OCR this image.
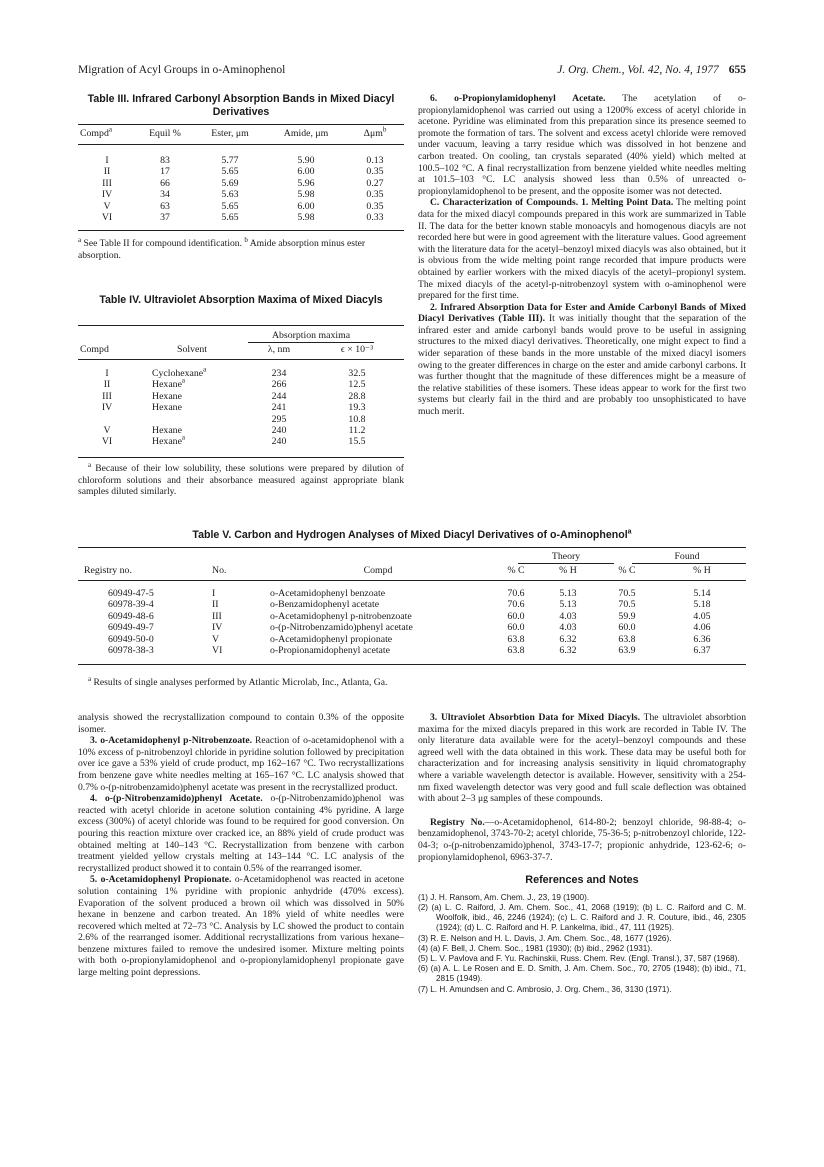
Migration of Acyl Groups in o-Aminophenol	J. Org. Chem., Vol. 42, No. 4, 1977 655
Table III. Infrared Carbonyl Absorption Bands in Mixed Diacyl Derivatives
Compd$^a$	Equil %	Ester, μm	Amide, μm	Δμm$^b$
I	83	5.77	5.90	0.13
II	17	5.65	6.00	0.35
III	66	5.69	5.96	0.27
IV	34	5.63	5.98	0.35
V	63	5.65	6.00	0.35
VI	37	5.65	5.98	0.33
$^a$ See Table II for compound identification. $^b$ Amide absorption minus ester absorption.
Table IV. Ultraviolet Absorption Maxima of Mixed Diacyls
Absorption maxima
Compd	Solvent	λ, nm	ϵ × 10⁻³
I	Cyclohexane$^a$	234	32.5
II	Hexane$^a$	266	12.5
III	Hexane	244	28.8
IV	Hexane	241	19.3
		295	10.8
V	Hexane	240	11.2
VI	Hexane$^a$	240	15.5
$^a$ Because of their low solubility, these solutions were prepared by dilution of chloroform solutions and their absorbance measured against appropriate blank samples diluted similarly.

6. o-Propionylamidophenyl Acetate. The acetylation of o-propionylamidophenol was carried out using a 1200% excess of acetyl chloride in acetone. Pyridine was eliminated from this preparation since its presence seemed to promote the formation of tars. The solvent and excess acetyl chloride were removed under vacuum, leaving a tarry residue which was dissolved in hot benzene and carbon treated. On cooling, tan crystals separated (40% yield) which melted at 100.5–102 °C. A final recrystallization from benzene yielded white needles melting at 101.5–103 °C. LC analysis showed less than 0.5% of unreacted o-propionylamidophenol to be present, and the opposite isomer was not detected.

C. Characterization of Compounds. 1. Melting Point Data. The melting point data for the mixed diacyl compounds prepared in this work are summarized in Table II. The data for the better known stable monoacyls and homogenous diacyls are not recorded here but were in good agreement with the literature values. Good agreement with the literature data for the acetyl–benzoyl mixed diacyls was also obtained, but it is obvious from the wide melting point range recorded that impure products were obtained by earlier workers with the mixed diacyls of the acetyl–propionyl system. The mixed diacyls of the acetyl-p-nitrobenzoyl system with o-aminophenol were prepared for the first time.

2. Infrared Absorption Data for Ester and Amide Carbonyl Bands of Mixed Diacyl Derivatives (Table III). It was initially thought that the separation of the infrared ester and amide carbonyl bands would prove to be useful in assigning structures to the mixed diacyl derivatives. Theoretically, one might expect to find a wider separation of these bands in the more unstable of the mixed diacyl isomers owing to the greater differences in charge on the ester and amide carbonyl carbons. It was further thought that the magnitude of these differences might be a measure of the relative stabilities of these isomers. These ideas appear to work for the first two systems but clearly fail in the third and are probably too unsophisticated to have much merit.

Table V. Carbon and Hydrogen Analyses of Mixed Diacyl Derivatives of o-Aminophenol$^a$
Theory	Found
Registry no.	No.	Compd	% C	% H	% C	% H
60949-47-5	I	o-Acetamidophenyl benzoate	70.6	5.13	70.5	5.14
60978-39-4	II	o-Benzamidophenyl acetate	70.6	5.13	70.5	5.18
60949-48-6	III	o-Acetamidophenyl p-nitrobenzoate	60.0	4.03	59.9	4.05
60949-49-7	IV	o-(p-Nitrobenzamido)phenyl acetate	60.0	4.03	60.0	4.06
60949-50-0	V	o-Acetamidophenyl propionate	63.8	6.32	63.8	6.36
60978-38-3	VI	o-Propionamidophenyl acetate	63.8	6.32	63.9	6.37
$^a$ Results of single analyses performed by Atlantic Microlab, Inc., Atlanta, Ga.

analysis showed the recrystallization compound to contain 0.3% of the opposite isomer.

3. o-Acetamidophenyl p-Nitrobenzoate. Reaction of o-acetamidophenol with a 10% excess of p-nitrobenzoyl chloride in pyridine solution followed by precipitation over ice gave a 53% yield of crude product, mp 162–167 °C. Two recrystallizations from benzene gave white needles melting at 165–167 °C. LC analysis showed that 0.7% o-(p-nitrobenzamido)phenyl acetate was present in the recrystallized product.

4. o-(p-Nitrobenzamido)phenyl Acetate. o-(p-Nitrobenzamido)phenol was reacted with acetyl chloride in acetone solution containing 4% pyridine. A large excess (300%) of acetyl chloride was found to be required for good conversion. On pouring this reaction mixture over cracked ice, an 88% yield of crude product was obtained melting at 140–143 °C. Recrystallization from benzene with carbon treatment yielded yellow crystals melting at 143–144 °C. LC analysis of the recrystallized product showed it to contain 0.5% of the rearranged isomer.

5. o-Acetamidophenyl Propionate. o-Acetamidophenol was reacted in acetone solution containing 1% pyridine with propionic anhydride (470% excess). Evaporation of the solvent produced a brown oil which was dissolved in 50% hexane in benzene and carbon treated. An 18% yield of white needles were recovered which melted at 72–73 °C. Analysis by LC showed the product to contain 2.6% of the rearranged isomer. Additional recrystallizations from various hexane–benzene mixtures failed to remove the undesired isomer. Mixture melting points with both o-propionylamidophenol and o-propionylamidophenyl propionate gave large melting point depressions.

3. Ultraviolet Absorbtion Data for Mixed Diacyls. The ultraviolet absorbtion maxima for the mixed diacyls prepared in this work are recorded in Table IV. The only literature data available were for the acetyl–benzoyl compounds and these agreed well with the data obtained in this work. These data may be useful both for characterization and for increasing analysis sensitivity in liquid chromatography where a variable wavelength detector is available. However, sensitivity with a 254-nm fixed wavelength detector was very good and full scale deflection was obtained with about 2–3 μg samples of these compounds.

Registry No.—o-Acetamidophenol, 614-80-2; benzoyl chloride, 98-88-4; o-benzamidophenol, 3743-70-2; acetyl chloride, 75-36-5; p-nitrobenzoyl chloride, 122-04-3; o-(p-nitrobenzamido)phenol, 3743-17-7; propionic anhydride, 123-62-6; o-propionylamidophenol, 6963-37-7.

References and Notes
(1) J. H. Ransom, Am. Chem. J., 23, 19 (1900).
(2) (a) L. C. Raiford, J. Am. Chem. Soc., 41, 2068 (1919); (b) L. C. Raiford and C. M. Woolfolk, ibid., 46, 2246 (1924); (c) L. C. Raiford and J. R. Couture, ibid., 46, 2305 (1924); (d) L. C. Raiford and H. P. Lankelma, ibid., 47, 111 (1925).
(3) R. E. Nelson and H. L. Davis, J. Am. Chem. Soc., 48, 1677 (1926).
(4) (a) F. Bell, J. Chem. Soc., 1981 (1930); (b) ibid., 2962 (1931).
(5) L. V. Pavlova and F. Yu. Rachinskii, Russ. Chem. Rev. (Engl. Transl.), 37, 587 (1968).
(6) (a) A. L. Le Rosen and E. D. Smith, J. Am. Chem. Soc., 70, 2705 (1948); (b) ibid., 71, 2815 (1949).
(7) L. H. Amundsen and C. Ambrosio, J. Org. Chem., 36, 3130 (1971).
